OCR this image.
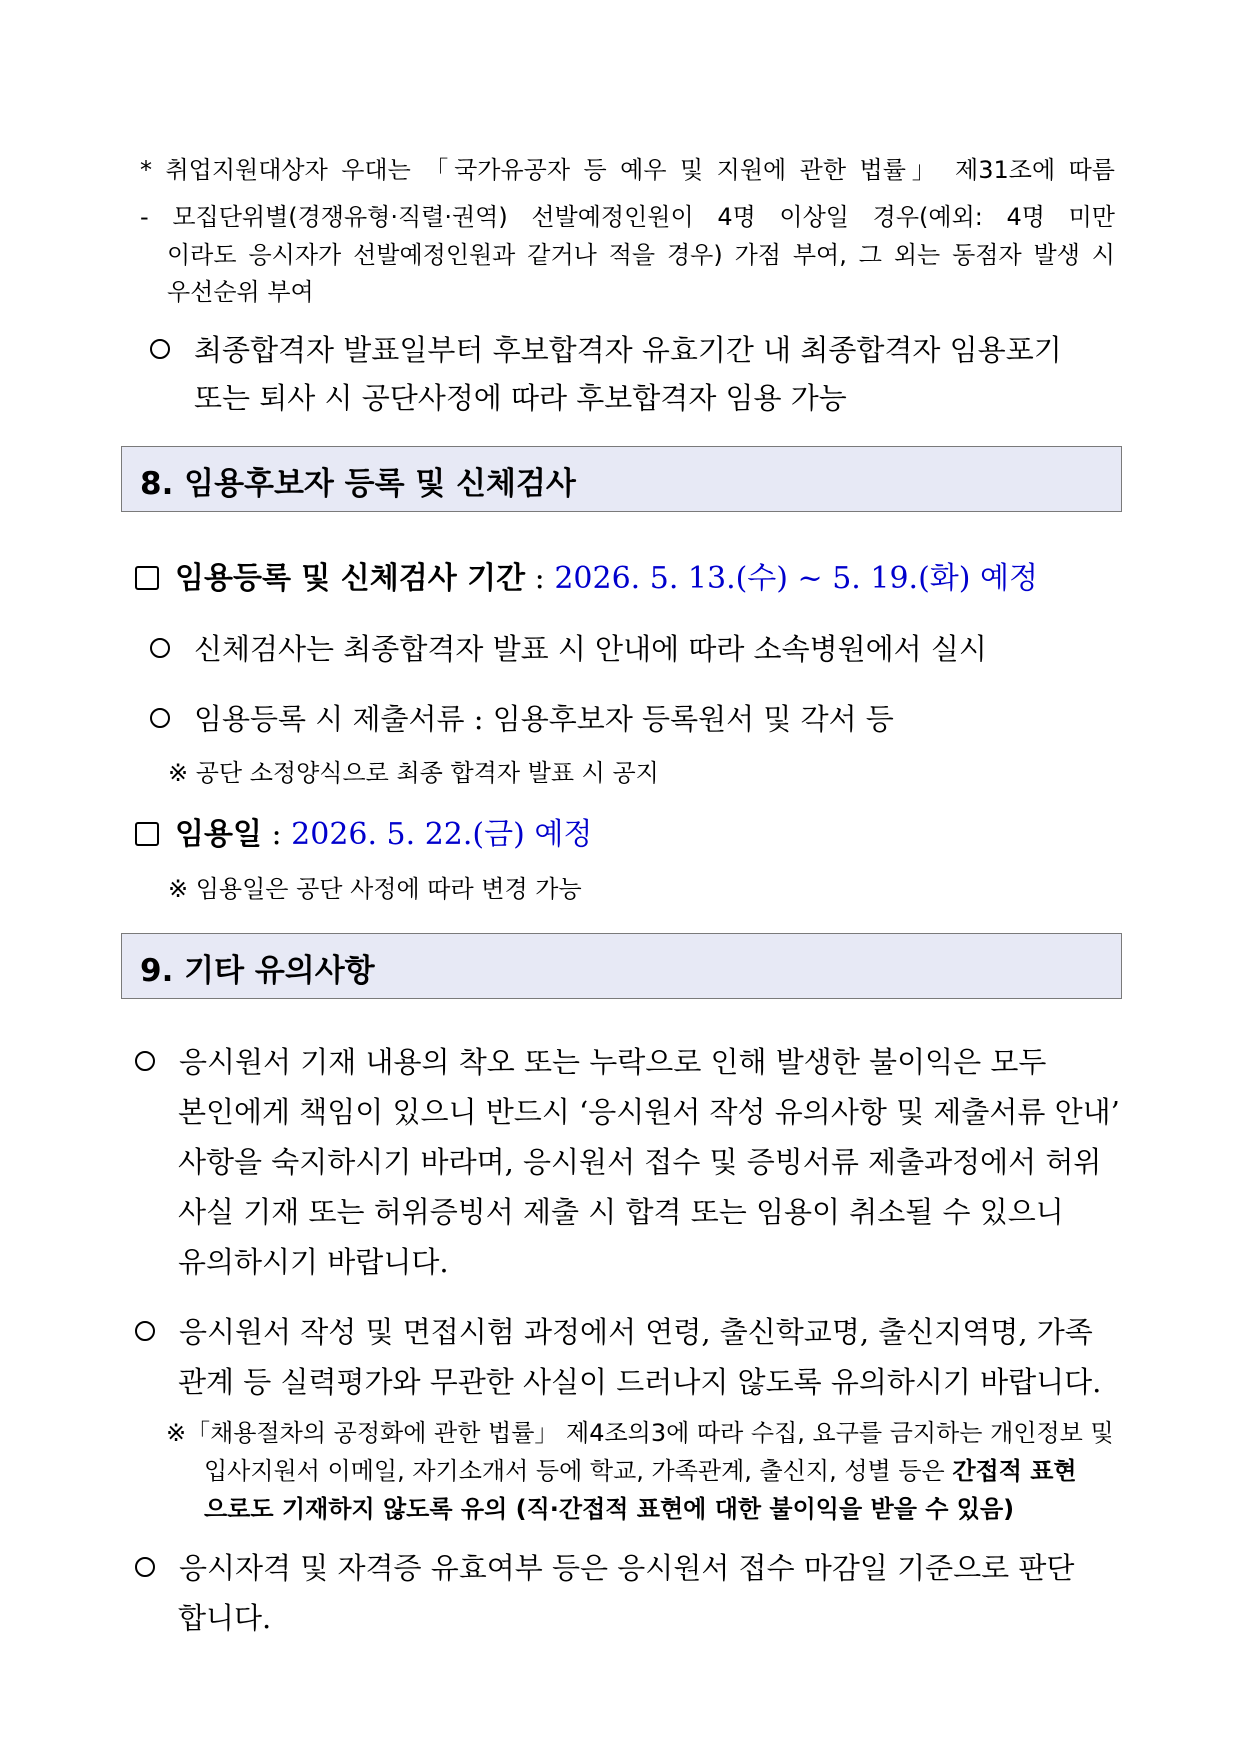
* 취업지원대상자 우대는 「국가유공자 등 예우 및 지원에 관한 법률」 제31조에 따름
- 모집단위별(경쟁유형·직렬·권역) 선발예정인원이 4명 이상일 경우(예외: 4명 미만
이라도 응시자가 선발예정인원과 같거나 적을 경우) 가점 부여, 그 외는 동점자 발생 시
우선순위 부여
최종합격자 발표일부터 후보합격자 유효기간 내 최종합격자 임용포기
또는 퇴사 시 공단사정에 따라 후보합격자 임용 가능
8. 임용후보자 등록 및 신체검사
임용등록 및 신체검사 기간 : 2026. 5. 13.(수) ~ 5. 19.(화) 예정
신체검사는 최종합격자 발표 시 안내에 따라 소속병원에서 실시
임용등록 시 제출서류 : 임용후보자 등록원서 및 각서 등
※ 공단 소정양식으로 최종 합격자 발표 시 공지
임용일 : 2026. 5. 22.(금) 예정
※ 임용일은 공단 사정에 따라 변경 가능
9. 기타 유의사항
응시원서 기재 내용의 착오 또는 누락으로 인해 발생한 불이익은 모두
본인에게 책임이 있으니 반드시 ‘응시원서 작성 유의사항 및 제출서류 안내’
사항을 숙지하시기 바라며, 응시원서 접수 및 증빙서류 제출과정에서 허위
사실 기재 또는 허위증빙서 제출 시 합격 또는 임용이 취소될 수 있으니
유의하시기 바랍니다.
응시원서 작성 및 면접시험 과정에서 연령, 출신학교명, 출신지역명, 가족
관계 등 실력평가와 무관한 사실이 드러나지 않도록 유의하시기 바랍니다.
※「채용절차의 공정화에 관한 법률」 제4조의3에 따라 수집, 요구를 금지하는 개인정보 및
입사지원서 이메일, 자기소개서 등에 학교, 가족관계, 출신지, 성별 등은 간접적 표현
으로도 기재하지 않도록 유의 (직·간접적 표현에 대한 불이익을 받을 수 있음)
응시자격 및 자격증 유효여부 등은 응시원서 접수 마감일 기준으로 판단
합니다.
